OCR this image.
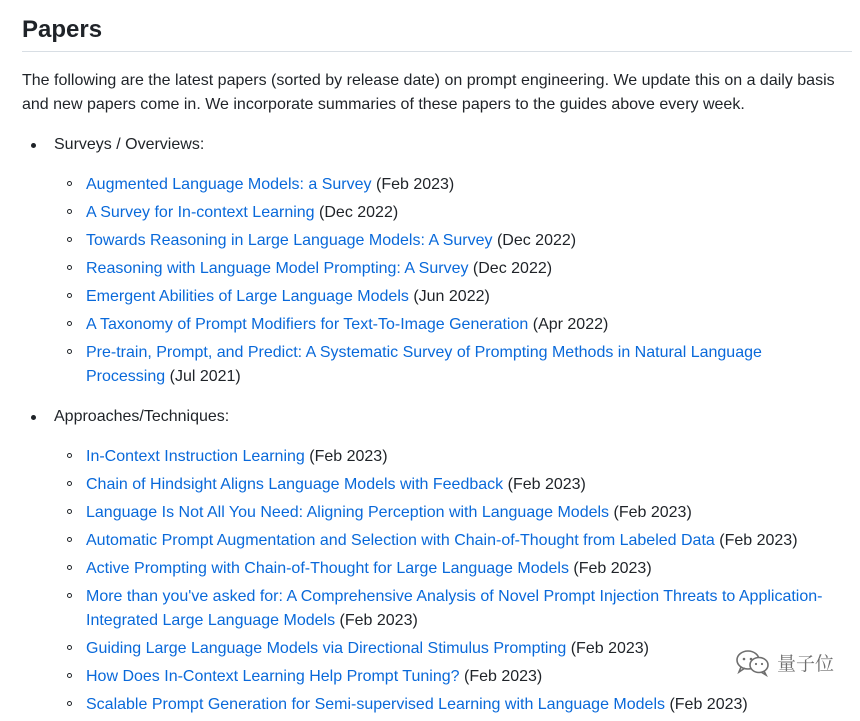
Papers

The following are the latest papers (sorted by release date) on prompt engineering. We update this on a daily basis and new papers come in. We incorporate summaries of these papers to the guides above every week.

Surveys / Overviews:
Augmented Language Models: a Survey (Feb 2023)
A Survey for In-context Learning (Dec 2022)
Towards Reasoning in Large Language Models: A Survey (Dec 2022)
Reasoning with Language Model Prompting: A Survey (Dec 2022)
Emergent Abilities of Large Language Models (Jun 2022)
A Taxonomy of Prompt Modifiers for Text-To-Image Generation (Apr 2022)
Pre-train, Prompt, and Predict: A Systematic Survey of Prompting Methods in Natural Language Processing (Jul 2021)
Approaches/Techniques:
In-Context Instruction Learning (Feb 2023)
Chain of Hindsight Aligns Language Models with Feedback (Feb 2023)
Language Is Not All You Need: Aligning Perception with Language Models (Feb 2023)
Automatic Prompt Augmentation and Selection with Chain-of-Thought from Labeled Data (Feb 2023)
Active Prompting with Chain-of-Thought for Large Language Models (Feb 2023)
More than you've asked for: A Comprehensive Analysis of Novel Prompt Injection Threats to Application-Integrated Large Language Models (Feb 2023)
Guiding Large Language Models via Directional Stimulus Prompting (Feb 2023)
How Does In-Context Learning Help Prompt Tuning? (Feb 2023)
Scalable Prompt Generation for Semi-supervised Learning with Language Models (Feb 2023)
量子位
